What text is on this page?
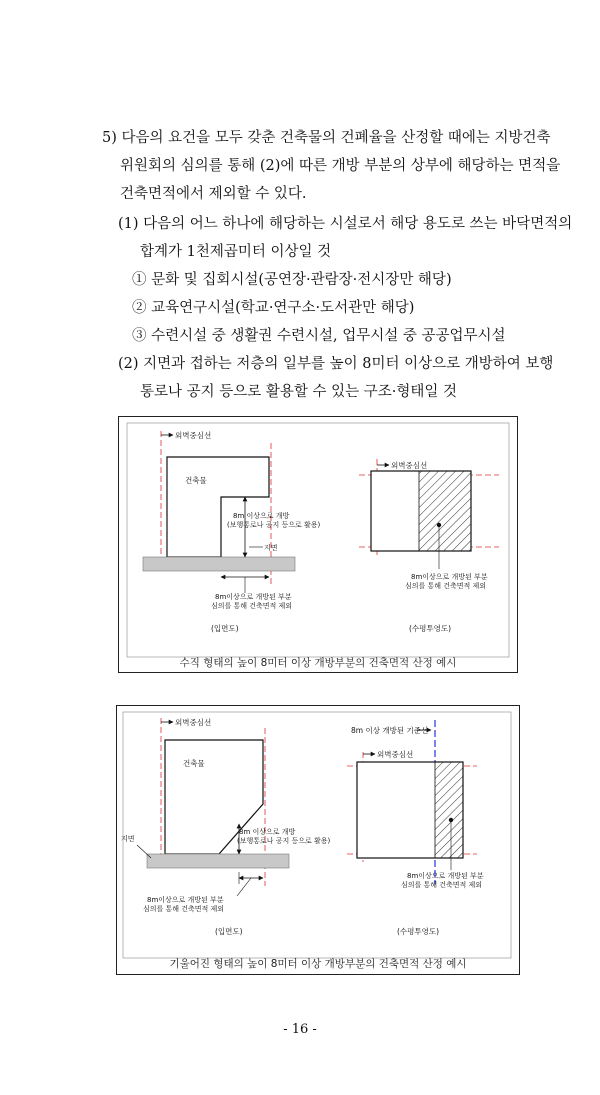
5) 다음의 요건을 모두 갖춘 건축물의 건폐율을 산정할 때에는 지방건축
위원회의 심의를 통해 (2)에 따른 개방 부분의 상부에 해당하는 면적을
건축면적에서 제외할 수 있다.
(1) 다음의 어느 하나에 해당하는 시설로서 해당 용도로 쓰는 바닥면적의
합계가 1천제곱미터 이상일 것
① 문화 및 집회시설(공연장·관람장·전시장만 해당)
② 교육연구시설(학교·연구소·도서관만 해당)
③ 수련시설 중 생활권 수련시설, 업무시설 중 공공업무시설
(2) 지면과 접하는 저층의 일부를 높이 8미터 이상으로 개방하여 보행
통로나 공지 등으로 활용할 수 있는 구조·형태일 것
외벽중심선
건축물
8m 이상으로 개방
(보행통로나 공지 등으로 활용)
지면
8m이상으로 개방된 부분
심의를 통해 건축면적 제외
(입면도)
외벽중심선
8m이상으로 개방된 부분
심의를 통해 건축면적 제외
(수평투영도)
수직 형태의 높이 8미터 이상 개방부분의 건축면적 산정 예시
외벽중심선
건축물
지면
8m 이상으로 개방
(보행통로나 공지 등으로 활용)
8m이상으로 개방된 부분
심의를 통해 건축면적 제외
(입면도)
8m 이상 개방된 기준선
외벽중심선
8m이상으로 개방된 부분
심의를 통해 건축면적 제외
(수평투영도)
기울어진 형태의 높이 8미터 이상 개방부분의 건축면적 산정 예시
- 16 -
